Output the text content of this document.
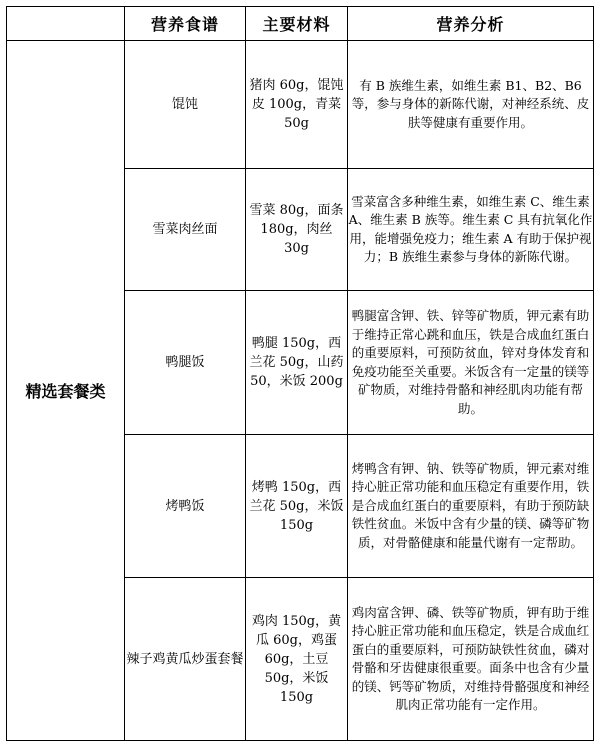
	营养食谱	主要材料	营养分析
精选套餐类	馄饨	猪肉 60g，馄饨皮 100g，青菜 50g	有 B 族维生素，如维生素 B1、B2、B6 等，参与身体的新陈代谢，对神经系统、皮肤等健康有重要作用。
	雪菜肉丝面	雪菜 80g，面条 180g，肉丝 30g	雪菜富含多种维生素，如维生素 C、维生素 A、维生素 B 族等。维生素 C 具有抗氧化作用，能增强免疫力；维生素 A 有助于保护视力；B 族维生素参与身体的新陈代谢。
	鸭腿饭	鸭腿 150g，西兰花 50g，山药 50，米饭 200g	鸭腿富含钾、铁、锌等矿物质，钾元素有助于维持正常心跳和血压，铁是合成血红蛋白的重要原料，可预防贫血，锌对身体发育和免疫功能至关重要。米饭含有一定量的镁等矿物质，对维持骨骼和神经肌肉功能有帮助。
	烤鸭饭	烤鸭 150g，西兰花 50g，米饭 150g	烤鸭含有钾、钠、铁等矿物质，钾元素对维持心脏正常功能和血压稳定有重要作用，铁是合成血红蛋白的重要原料，有助于预防缺铁性贫血。米饭中含有少量的镁、磷等矿物质，对骨骼健康和能量代谢有一定帮助。
	辣子鸡黄瓜炒蛋套餐	鸡肉 150g，黄瓜 60g，鸡蛋 60g，土豆 50g，米饭 150g	鸡肉富含钾、磷、铁等矿物质，钾有助于维持心脏正常功能和血压稳定，铁是合成血红蛋白的重要原料，可预防缺铁性贫血，磷对骨骼和牙齿健康很重要。面条中也含有少量的镁、钙等矿物质，对维持骨骼强度和神经肌肉正常功能有一定作用。
